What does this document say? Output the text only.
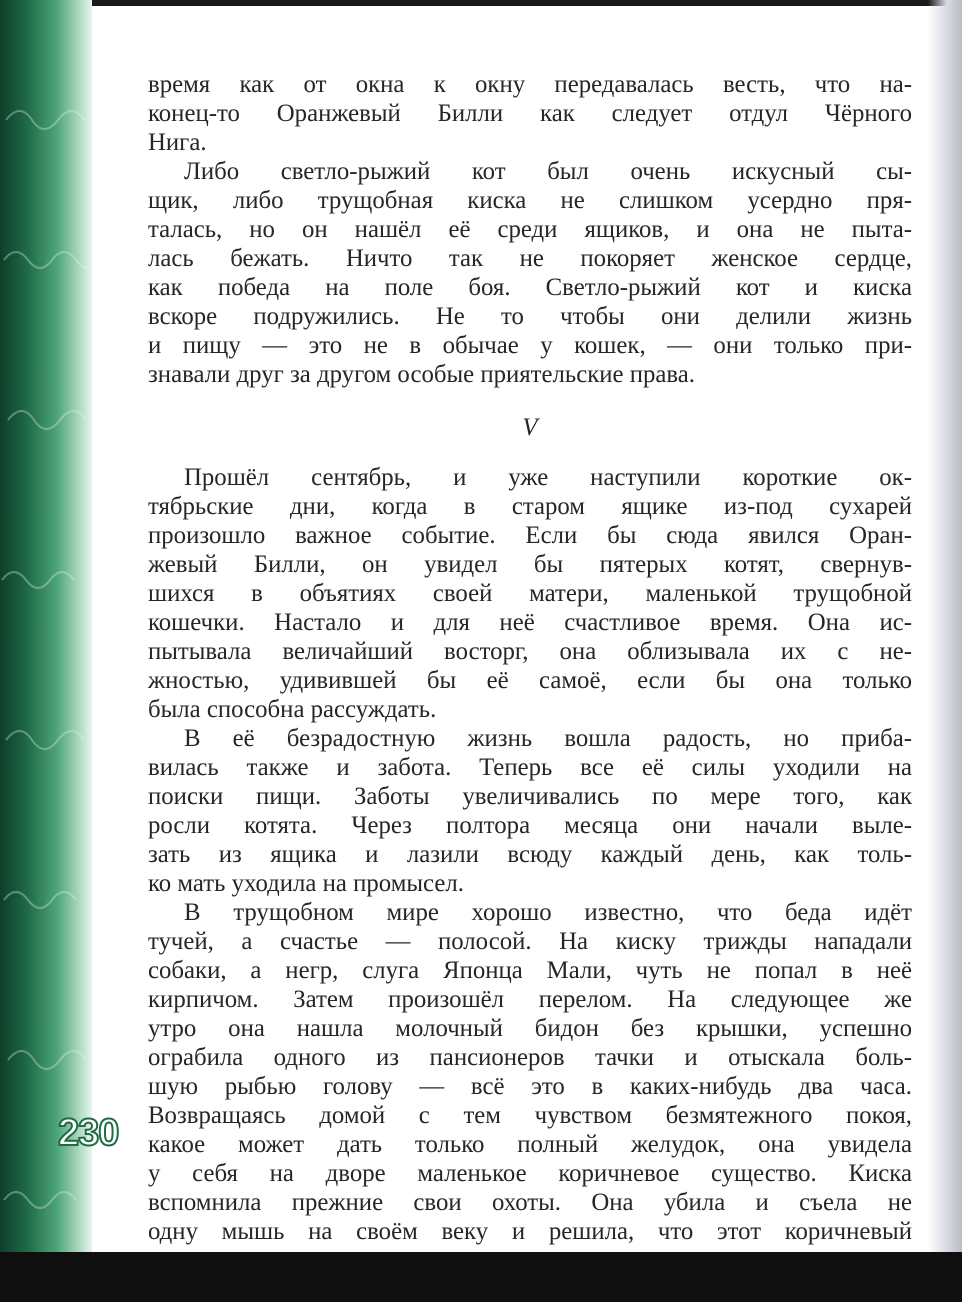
230
время как от окна к окну передавалась весть, что на-
конец-то Оранжевый Билли как следует отдул Чёрного
Нига.
Либо светло-рыжий кот был очень искусный сы-
щик, либо трущобная киска не слишком усердно пря-
талась, но он нашёл её среди ящиков, и она не пыта-
лась бежать. Ничто так не покоряет женское сердце,
как победа на поле боя. Светло-рыжий кот и киска
вскоре подружились. Не то чтобы они делили жизнь
и пищу — это не в обычае у кошек, — они только при-
знавали друг за другом особые приятельские права.
V
Прошёл сентябрь, и уже наступили короткие ок-
тябрьские дни, когда в старом ящике из-под сухарей
произошло важное событие. Если бы сюда явился Оран-
жевый Билли, он увидел бы пятерых котят, свернув-
шихся в объятиях своей матери, маленькой трущобной
кошечки. Настало и для неё счастливое время. Она ис-
пытывала величайший восторг, она облизывала их с не-
жностью, удивившей бы её самоё, если бы она только
была способна рассуждать.
В её безрадостную жизнь вошла радость, но приба-
вилась также и забота. Теперь все её силы уходили на
поиски пищи. Заботы увеличивались по мере того, как
росли котята. Через полтора месяца они начали выле-
зать из ящика и лазили всюду каждый день, как толь-
ко мать уходила на промысел.
В трущобном мире хорошо известно, что беда идёт
тучей, а счастье — полосой. На киску трижды нападали
собаки, а негр, слуга Японца Мали, чуть не попал в неё
кирпичом. Затем произошёл перелом. На следующее же
утро она нашла молочный бидон без крышки, успешно
ограбила одного из пансионеров тачки и отыскала боль-
шую рыбью голову — всё это в каких-нибудь два часа.
Возвращаясь домой с тем чувством безмятежного покоя,
какое может дать только полный желудок, она увидела
у себя на дворе маленькое коричневое существо. Киска
вспомнила прежние свои охоты. Она убила и съела не
одну мышь на своём веку и решила, что этот коричневый
